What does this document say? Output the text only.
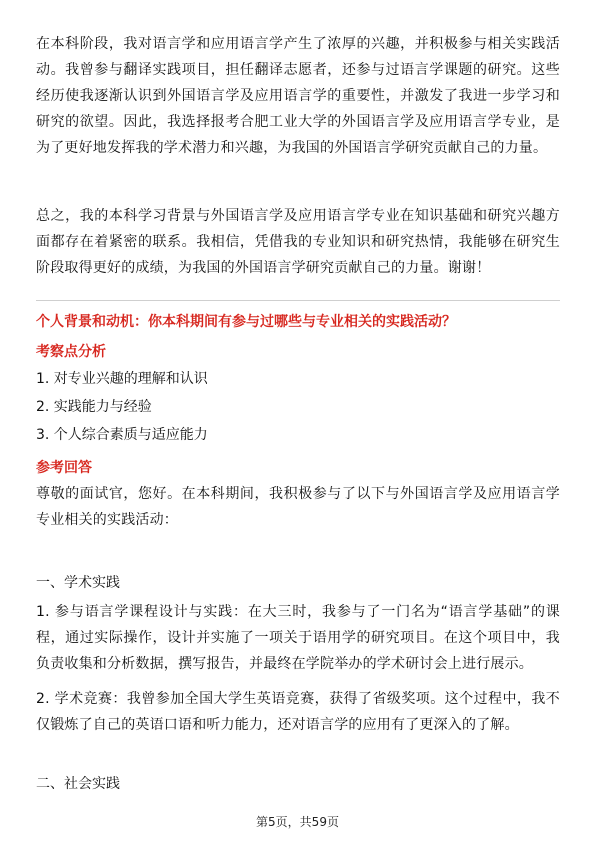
在本科阶段，我对语言学和应用语言学产生了浓厚的兴趣，并积极参与相关实践活动。我曾参与翻译实践项目，担任翻译志愿者，还参与过语言学课题的研究。这些经历使我逐渐认识到外国语言学及应用语言学的重要性，并激发了我进一步学习和研究的欲望。因此，我选择报考合肥工业大学的外国语言学及应用语言学专业，是为了更好地发挥我的学术潜力和兴趣，为我国的外国语言学研究贡献自己的力量。

总之，我的本科学习背景与外国语言学及应用语言学专业在知识基础和研究兴趣方面都存在着紧密的联系。我相信，凭借我的专业知识和研究热情，我能够在研究生阶段取得更好的成绩，为我国的外国语言学研究贡献自己的力量。谢谢！

个人背景和动机：你本科期间有参与过哪些与专业相关的实践活动？

考察点分析

1. 对专业兴趣的理解和认识

2. 实践能力与经验

3. 个人综合素质与适应能力

参考回答

尊敬的面试官，您好。在本科期间，我积极参与了以下与外国语言学及应用语言学专业相关的实践活动：

一、学术实践

1. 参与语言学课程设计与实践：在大三时，我参与了一门名为“语言学基础”的课程，通过实际操作，设计并实施了一项关于语用学的研究项目。在这个项目中，我负责收集和分析数据，撰写报告，并最终在学院举办的学术研讨会上进行展示。

2. 学术竞赛：我曾参加全国大学生英语竞赛，获得了省级奖项。这个过程中，我不仅锻炼了自己的英语口语和听力能力，还对语言学的应用有了更深入的了解。

二、社会实践

第5页，共59页
